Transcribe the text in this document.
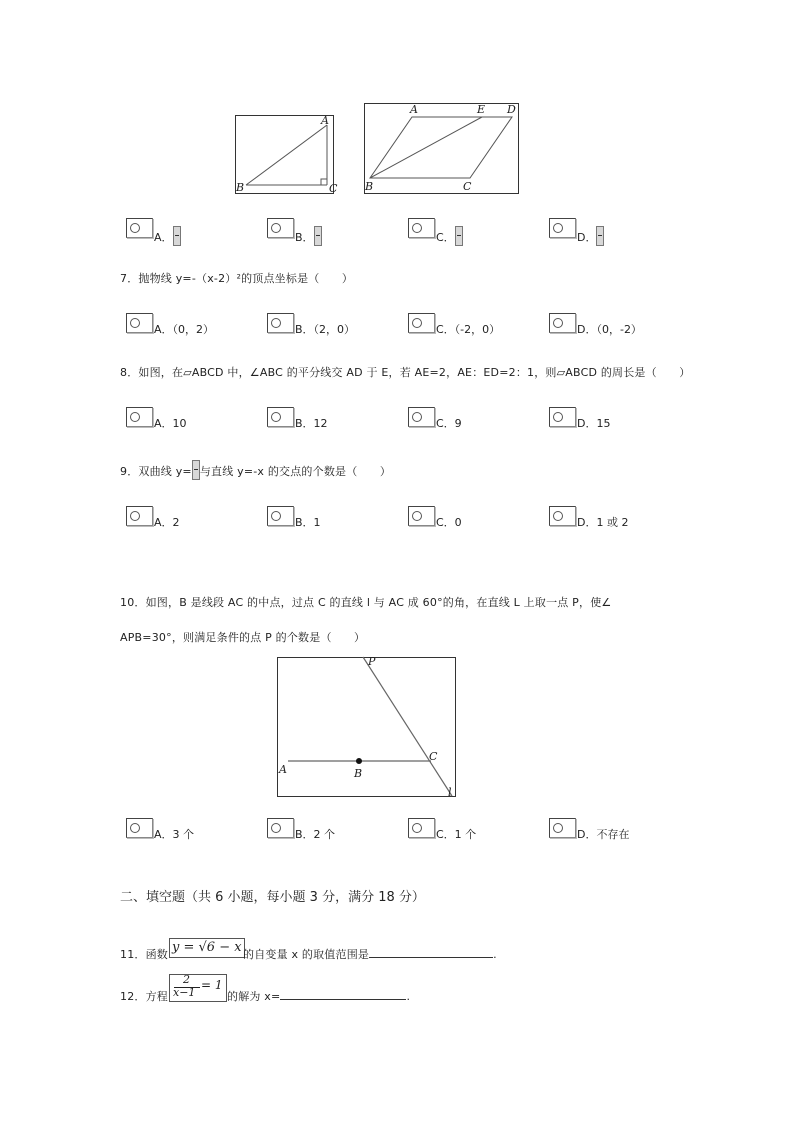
A
B	C
A	E D
B	C
A．	B．	C．	D．
7．抛物线 y=-（x-2）²的顶点坐标是（　　）
A．（0，2）	B．（2，0）	C．（-2，0）	D．（0，-2）
8．如图，在▱ABCD 中，∠ABC 的平分线交 AD 于 E，若 AE=2，AE：ED=2：1，则▱ABCD 的周长是（　　）
A．10	B．12	C．9	D．15
9．双曲线 y= 与直线 y=-x 的交点的个数是（　　）
A．2	B．1	C．0	D．1 或 2
10．如图，B 是线段 AC 的中点，过点 C 的直线 l 与 AC 成 60°的角，在直线 L 上取一点 P，使∠
APB=30°，则满足条件的点 P 的个数是（　　）
P
A	B
C
l
A．3 个	B．2 个	C．1 个	D．不存在
二、填空题（共 6 小题，每小题 3 分，满分 18 分）
11．函数 y = √6 − x 的自变量 x 的取值范围是	.
12．方程
2
x−1
= 1
的解为 x=	.
